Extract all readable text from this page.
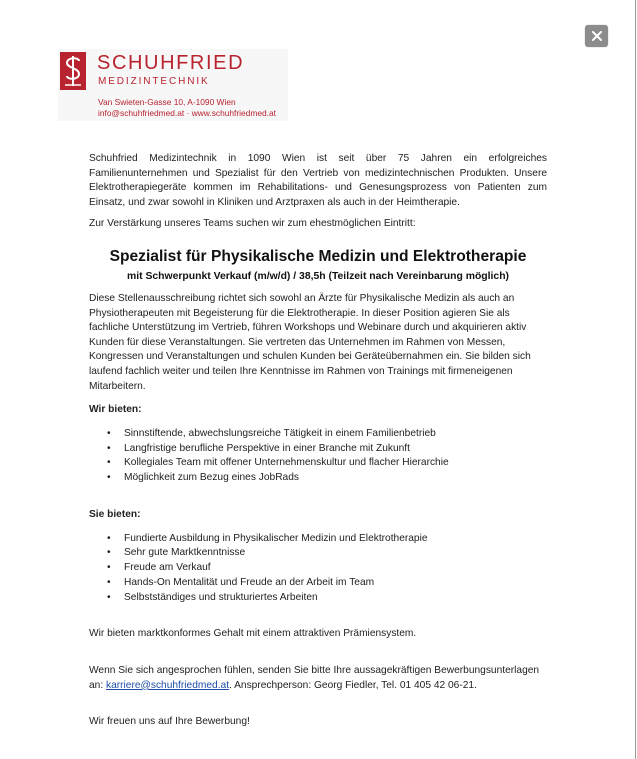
SCHUHFRIED
MEDIZINTECHNIK
Van Swieten-Gasse 10, A-1090 Wien
info@schuhfriedmed.at · www.schuhfriedmed.at

Schuhfried Medizintechnik in 1090 Wien ist seit über 75 Jahren ein erfolgreiches Familienunternehmen und Spezialist für den Vertrieb von medizintechnischen Produkten. Unsere Elektrotherapiegeräte kommen im Rehabilitations- und Genesungsprozess von Patienten zum Einsatz, und zwar sowohl in Kliniken und Arztpraxen als auch in der Heimtherapie.

Zur Verstärkung unseres Teams suchen wir zum ehestmöglichen Eintritt:

Spezialist für Physikalische Medizin und Elektrotherapie

mit Schwerpunkt Verkauf (m/w/d) / 38,5h (Teilzeit nach Vereinbarung möglich)

Diese Stellenausschreibung richtet sich sowohl an Ärzte für Physikalische Medizin als auch an Physiotherapeuten mit Begeisterung für die Elektrotherapie. In dieser Position agieren Sie als fachliche Unterstützung im Vertrieb, führen Workshops und Webinare durch und akquirieren aktiv Kunden für diese Veranstaltungen. Sie vertreten das Unternehmen im Rahmen von Messen, Kongressen und Veranstaltungen und schulen Kunden bei Geräteübernahmen ein. Sie bilden sich laufend fachlich weiter und teilen Ihre Kenntnisse im Rahmen von Trainings mit firmeneigenen Mitarbeitern.

Wir bieten:

• Sinnstiftende, abwechslungsreiche Tätigkeit in einem Familienbetrieb
• Langfristige berufliche Perspektive in einer Branche mit Zukunft
• Kollegiales Team mit offener Unternehmenskultur und flacher Hierarchie
• Möglichkeit zum Bezug eines JobRads

Sie bieten:

• Fundierte Ausbildung in Physikalischer Medizin und Elektrotherapie
• Sehr gute Marktkenntnisse
• Freude am Verkauf
• Hands-On Mentalität und Freude an der Arbeit im Team
• Selbstständiges und strukturiertes Arbeiten

Wir bieten marktkonformes Gehalt mit einem attraktiven Prämiensystem.

Wenn Sie sich angesprochen fühlen, senden Sie bitte Ihre aussagekräftigen Bewerbungsunterlagen an: karriere@schuhfriedmed.at. Ansprechperson: Georg Fiedler, Tel. 01 405 42 06-21.

Wir freuen uns auf Ihre Bewerbung!
